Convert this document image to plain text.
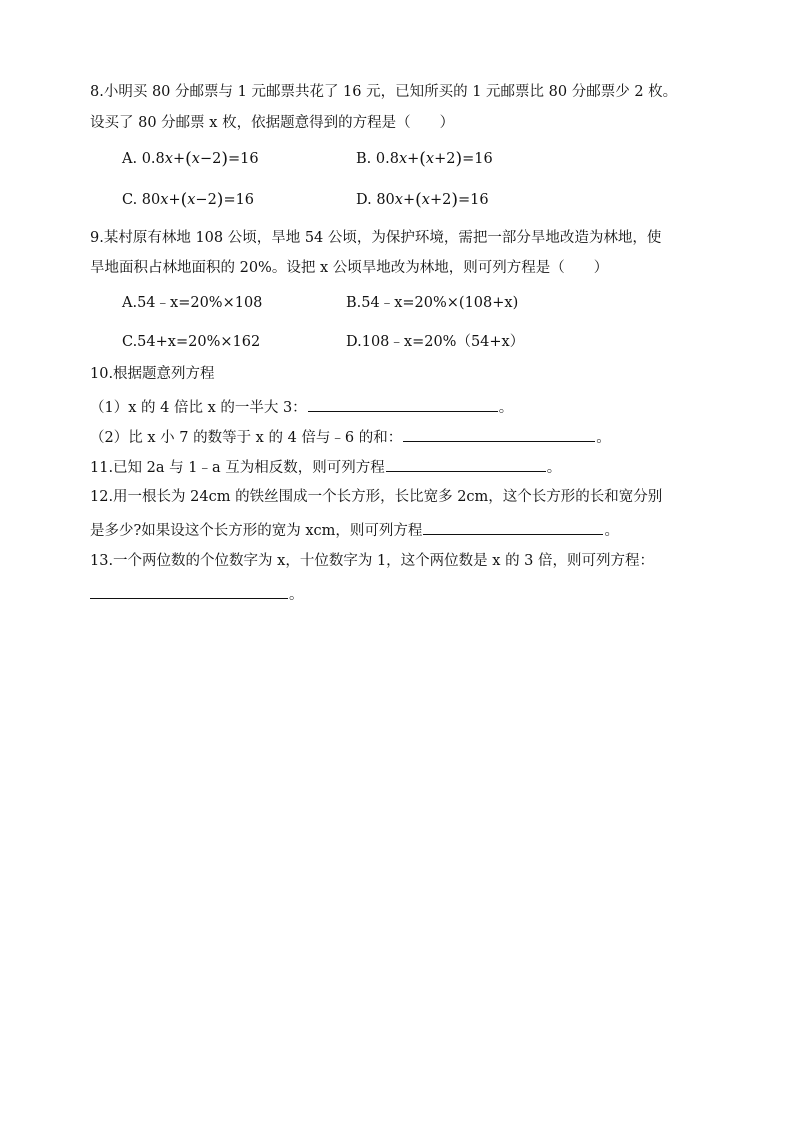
8.小明买 80 分邮票与 1 元邮票共花了 16 元，已知所买的 1 元邮票比 80 分邮票少 2 枚。
设买了 80 分邮票 x 枚，依据题意得到的方程是（　　）
A. 0.8x+(x−2)=16	B. 0.8x+(x+2)=16
C. 80x+(x−2)=16	D. 80x+(x+2)=16
9.某村原有林地 108 公顷，旱地 54 公顷，为保护环境，需把一部分旱地改造为林地，使
旱地面积占林地面积的 20%。设把 x 公顷旱地改为林地，则可列方程是（　　）
A.54﹣x=20%×108	B.54﹣x=20%×(108+x)
C.54+x=20%×162	D.108﹣x=20%（54+x）
10.根据题意列方程
（1）x 的 4 倍比 x 的一半大 3：	。
（2）比 x 小 7 的数等于 x 的 4 倍与﹣6 的和：	。
11.已知 2a 与 1﹣a 互为相反数，则可列方程	。
12.用一根长为 24cm 的铁丝围成一个长方形，长比宽多 2cm，这个长方形的长和宽分别
是多少?如果设这个长方形的宽为 xcm，则可列方程	。
13.一个两位数的个位数字为 x，十位数字为 1，这个两位数是 x 的 3 倍，则可列方程：
。
